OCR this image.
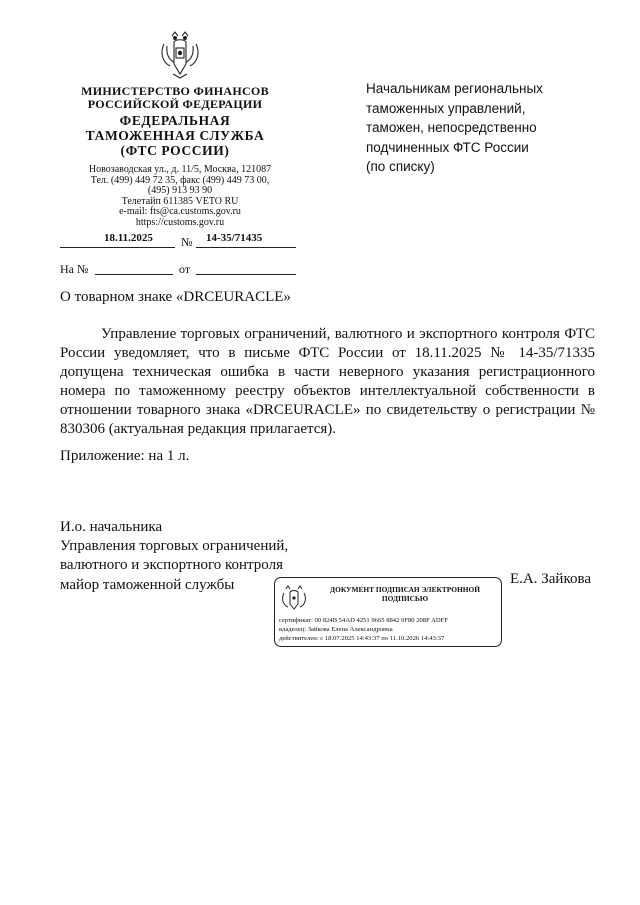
МИНИСТЕРСТВО ФИНАНСОВ
РОССИЙСКОЙ ФЕДЕРАЦИИ
ФЕДЕРАЛЬНАЯ
ТАМОЖЕННАЯ СЛУЖБА
(ФТС РОССИИ)
Новозаводская ул., д. 11/5, Москва, 121087
Тел. (499) 449 72 35, факс (499) 449 73 00,
(495) 913 93 90
Телетайп 611385 VETO RU
e-mail: fts@ca.customs.gov.ru
https://customs.gov.ru
Начальникам региональных
таможенных управлений,
таможен, непосредственно
подчиненных ФТС России
(по списку)
18.11.2025 № 14-35/71435
На №	от
О товарном знаке «DRCEURACLE»

Управление торговых ограничений, валютного и экспортного контроля ФТС России уведомляет, что в письме ФТС России от 18.11.2025 № 14-35/71335 допущена техническая ошибка в части неверного указания регистрационного номера по таможенному реестру объектов интеллектуальной собственности в отношении товарного знака «DRCEURACLE» по свидетельству о регистрации № 830306 (актуальная редакция прилагается).

Приложение: на 1 л.
И.о. начальника
Управления торговых ограничений,
валютного и экспортного контроля
майор таможенной службы	Е.А. Зайкова
ДОКУМЕНТ ПОДПИСАН ЭЛЕКТРОННОЙ
ПОДПИСЬЮ
сертификат: 00 824B 54AD 4251 9665 8842 9F80 208F ADFF
владелец: Зайкова Елена Александровна
действителен: с 18.07.2025 14:43:37 по 11.10.2026 14:43:37
